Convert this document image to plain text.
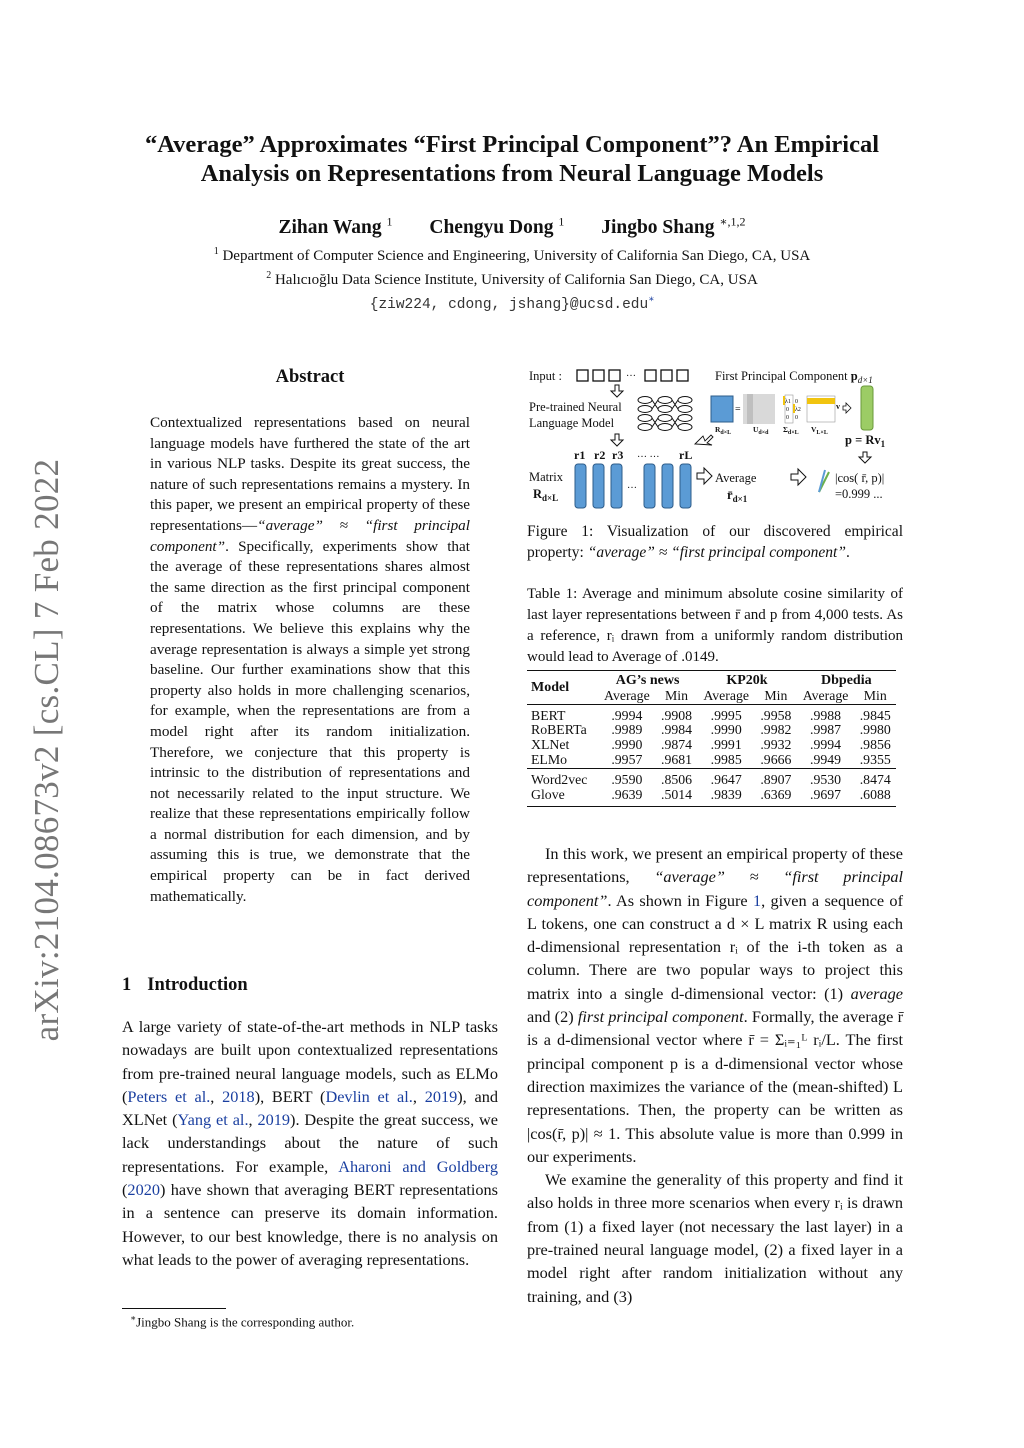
arXiv:2104.08673v2 [cs.CL] 7 Feb 2022
“Average” Approximates “First Principal Component”? An Empirical
Analysis on Representations from Neural Language Models
Zihan Wang $^1$ Chengyu Dong $^1$ Jingbo Shang $^{∗,1,2}$
$^1$ Department of Computer Science and Engineering, University of California San Diego, CA, USA
$^2$ Halıcıoğlu Data Science Institute, University of California San Diego, CA, USA
{ziw224, cdong, jshang}@ucsd.edu∗
Abstract
Contextualized representations based on neural language models have furthered the state of the art in various NLP tasks. Despite its great success, the nature of such representations remains a mystery. In this paper, we present an empirical property of these representations—“average” ≈ “first principal component”. Specifically, experiments show that the average of these representations shares almost the same direction as the first principal component of the matrix whose columns are these representations. We believe this explains why the average representation is always a simple yet strong baseline. Our further examinations show that this property also holds in more challenging scenarios, for example, when the representations are from a model right after its random initialization. Therefore, we conjecture that this property is intrinsic to the distribution of representations and not necessarily related to the input structure. We realize that these representations empirically follow a normal distribution for each dimension, and by assuming this is true, we demonstrate that the empirical property can be in fact derived mathematically.
1 Introduction
A large variety of state-of-the-art methods in NLP tasks nowadays are built upon contextualized representations from pre-trained neural language models, such as ELMo (Peters et al., 2018), BERT (Devlin et al., 2019), and XLNet (Yang et al., 2019). Despite the great success, we lack understandings about the nature of such representations. For example, Aharoni and Goldberg (2020) have shown that averaging BERT representations in a sentence can preserve its domain information. However, to our best knowledge, there is no analysis on what leads to the power of averaging representations.
∗Jingbo Shang is the corresponding author.
Input :	…
Pre-trained Neural
Language Model
r1 r2 r3 … … rL
…
Matrix
$R_{d\times L}$
Average
$r̄_{d\times 1}$
|cos( r̄, p)|
=0.999 ...
First Principal Component $p_{d\times 1}$
=
λ1
0
0
0
λ2
0
v
$R_{d\times L}$	$U_{d\times d}$ $\Sigma_{d\times L}$ $V_{L\times L}$ $p = Rv_1$
Figure 1: Visualization of our discovered empirical property: “average” ≈ “first principal component”.
Table 1: Average and minimum absolute cosine similarity of last layer representations between r̄ and p from 4,000 tests. As a reference, rᵢ drawn from a uniformly random distribution would lead to Average of .0149.
Model	AG’s news		KP20k		Dbpedia	
	Average	Min	Average	Min	Average	Min
BERT	.9994	.9908	.9995	.9958	.9988	.9845
RoBERTa	.9989	.9984	.9990	.9982	.9987	.9980
XLNet	.9990	.9874	.9991	.9932	.9994	.9856
ELMo	.9957	.9681	.9985	.9666	.9949	.9355
Word2vec	.9590	.8506	.9647	.8907	.9530	.8474
Glove	.9639	.5014	.9839	.6369	.9697	.6088

In this work, we present an empirical property of these representations, “average” ≈ “first principal component”. As shown in Figure 1, given a sequence of L tokens, one can construct a d × L matrix R using each d-dimensional representation rᵢ of the i-th token as a column. There are two popular ways to project this matrix into a single d-dimensional vector: (1) average and (2) first principal component. Formally, the average r̄ is a d-dimensional vector where r̄ = Σᵢ₌₁ᴸ rᵢ/L. The first principal component p is a d-dimensional vector whose direction maximizes the variance of the (mean-shifted) L representations. Then, the property can be written as |cos(r̄, p)| ≈ 1. This absolute value is more than 0.999 in our experiments.

We examine the generality of this property and find it also holds in three more scenarios when every rᵢ is drawn from (1) a fixed layer (not necessary the last layer) in a pre-trained neural language model, (2) a fixed layer in a model right after random initialization without any training, and (3)
